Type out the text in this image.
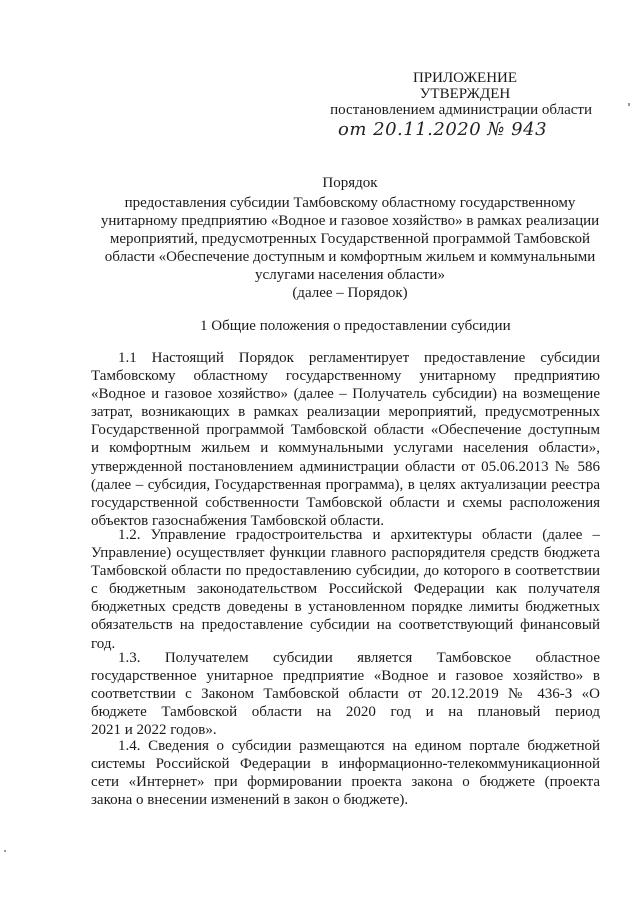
ПРИЛОЖЕНИЕ
УТВЕРЖДЕН
постановлением администрации области
от 20.11.2020 № 943
Порядок
предоставления субсидии Тамбовскому областному государственному
унитарному предприятию «Водное и газовое хозяйство» в рамках реализации
мероприятий, предусмотренных Государственной программой Тамбовской
области «Обеспечение доступным и комфортным жильем и коммунальными
услугами населения области»
(далее – Порядок)
1 Общие положения о предоставлении субсидии
1.1 Настоящий Порядок регламентирует предоставление субсидии
Тамбовскому областному государственному унитарному предприятию
«Водное и газовое хозяйство» (далее – Получатель субсидии) на возмещение
затрат, возникающих в рамках реализации мероприятий, предусмотренных
Государственной программой Тамбовской области «Обеспечение доступным
и комфортным жильем и коммунальными услугами населения области»,
утвержденной постановлением администрации области от 05.06.2013 № 586
(далее – субсидия, Государственная программа), в целях актуализации реестра
государственной собственности Тамбовской области и схемы расположения
объектов газоснабжения Тамбовской области.
1.2. Управление градостроительства и архитектуры области (далее –
Управление) осуществляет функции главного распорядителя средств бюджета
Тамбовской области по предоставлению субсидии, до которого в соответствии
с бюджетным законодательством Российской Федерации как получателя
бюджетных средств доведены в установленном порядке лимиты бюджетных
обязательств на предоставление субсидии на соответствующий финансовый
год.
1.3. Получателем субсидии является Тамбовское областное
государственное унитарное предприятие «Водное и газовое хозяйство» в
соответствии с Законом Тамбовской области от 20.12.2019 № 436-З «О
бюджете Тамбовской области на 2020 год и на плановый период
2021 и 2022 годов».
1.4. Сведения о субсидии размещаются на едином портале бюджетной
системы Российской Федерации в информационно-телекоммуникационной
сети «Интернет» при формировании проекта закона о бюджете (проекта
закона о внесении изменений в закон о бюджете).
